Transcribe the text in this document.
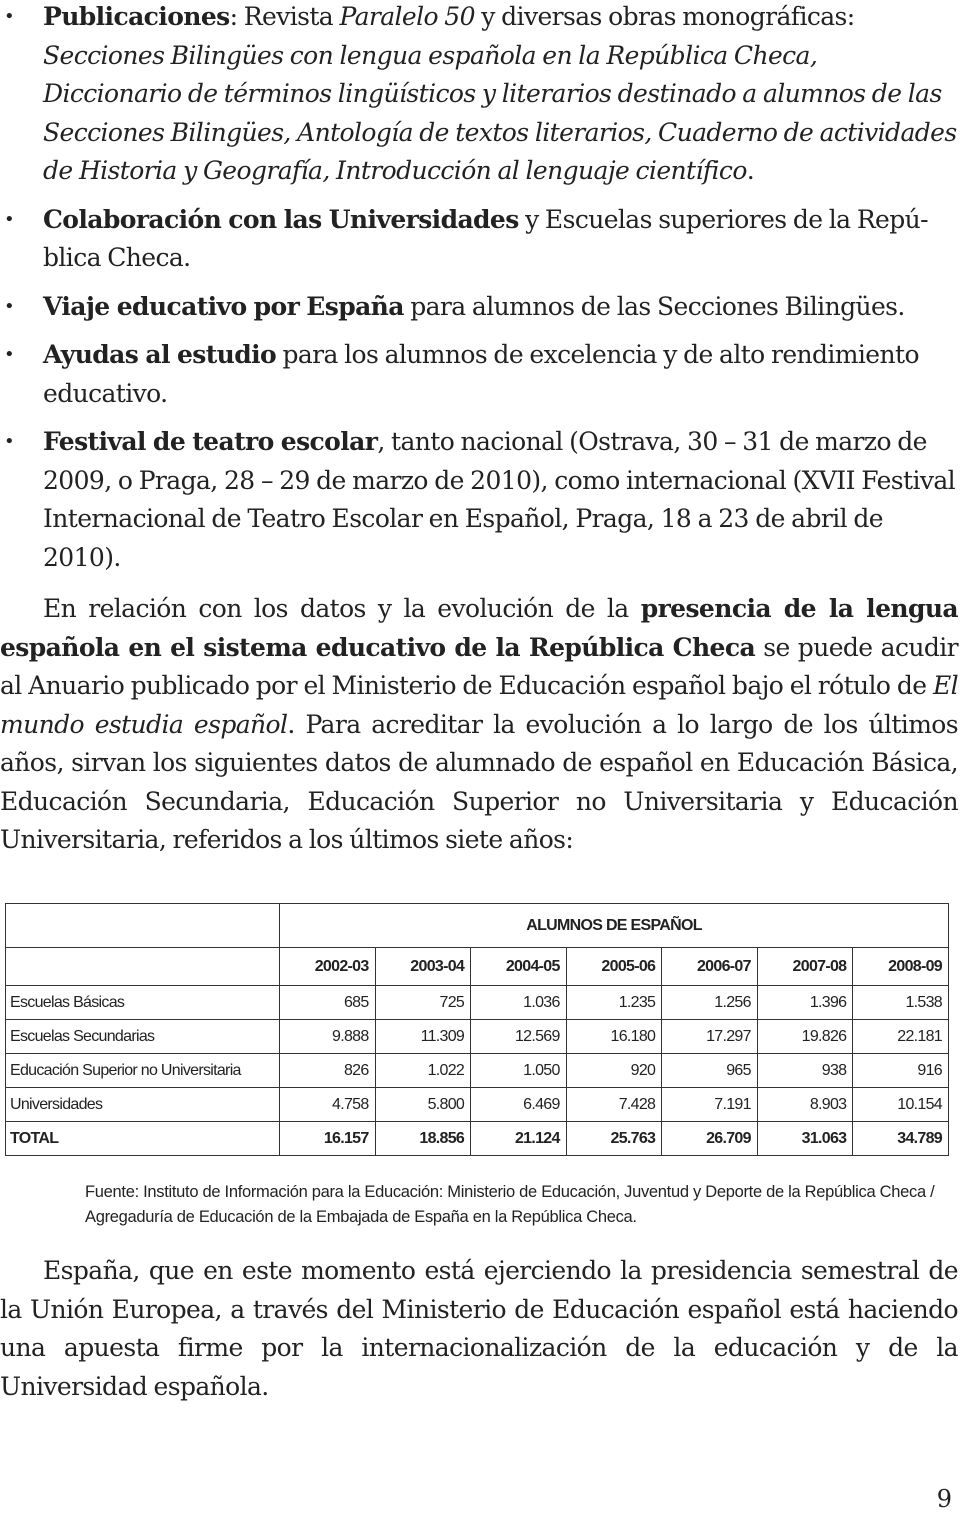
• Publicaciones: Revista Paralelo 50 y diversas obras monográficas: Secciones Bilingües con lengua española en la República Checa, Diccionario de términos lingüísticos y literarios destinado a alumnos de las Secciones Bilingües, Antología de textos literarios, Cuaderno de actividades de Historia y Geografía, Introducción al lenguaje científico.
• Colaboración con las Universidades y Escuelas superiores de la República Checa.
• Viaje educativo por España para alumnos de las Secciones Bilingües.
• Ayudas al estudio para los alumnos de excelencia y de alto rendimiento educativo.
• Festival de teatro escolar, tanto nacional (Ostrava, 30 – 31 de marzo de 2009, o Praga, 28 – 29 de marzo de 2010), como internacional (XVII Festival Internacional de Teatro Escolar en Español, Praga, 18 a 23 de abril de 2010).

En relación con los datos y la evolución de la presencia de la lengua española en el sistema educativo de la República Checa se puede acudir al Anuario publicado por el Ministerio de Educación español bajo el rótulo de El mundo estudia español. Para acreditar la evolución a lo largo de los últimos años, sirvan los siguientes datos de alumnado de español en Educación Básica, Educación Secundaria, Educación Superior no Universitaria y Educación Universitaria, referidos a los últimos siete años:

	ALUMNOS DE ESPAÑOL						
	2002-03	2003-04	2004-05	2005-06	2006-07	2007-08	2008-09
Escuelas Básicas	685	725	1.036	1.235	1.256	1.396	1.538
Escuelas Secundarias	9.888	11.309	12.569	16.180	17.297	19.826	22.181
Educación Superior no Universitaria	826	1.022	1.050	920	965	938	916
Universidades	4.758	5.800	6.469	7.428	7.191	8.903	10.154
TOTAL	16.157	18.856	21.124	25.763	26.709	31.063	34.789

Fuente: Instituto de Información para la Educación: Ministerio de Educación, Juventud y Deporte de la República Checa / Agregaduría de Educación de la Embajada de España en la República Checa.

España, que en este momento está ejerciendo la presidencia semestral de la Unión Europea, a través del Ministerio de Educación español está haciendo una apuesta firme por la internacionalización de la educación y de la Universidad española.

9
